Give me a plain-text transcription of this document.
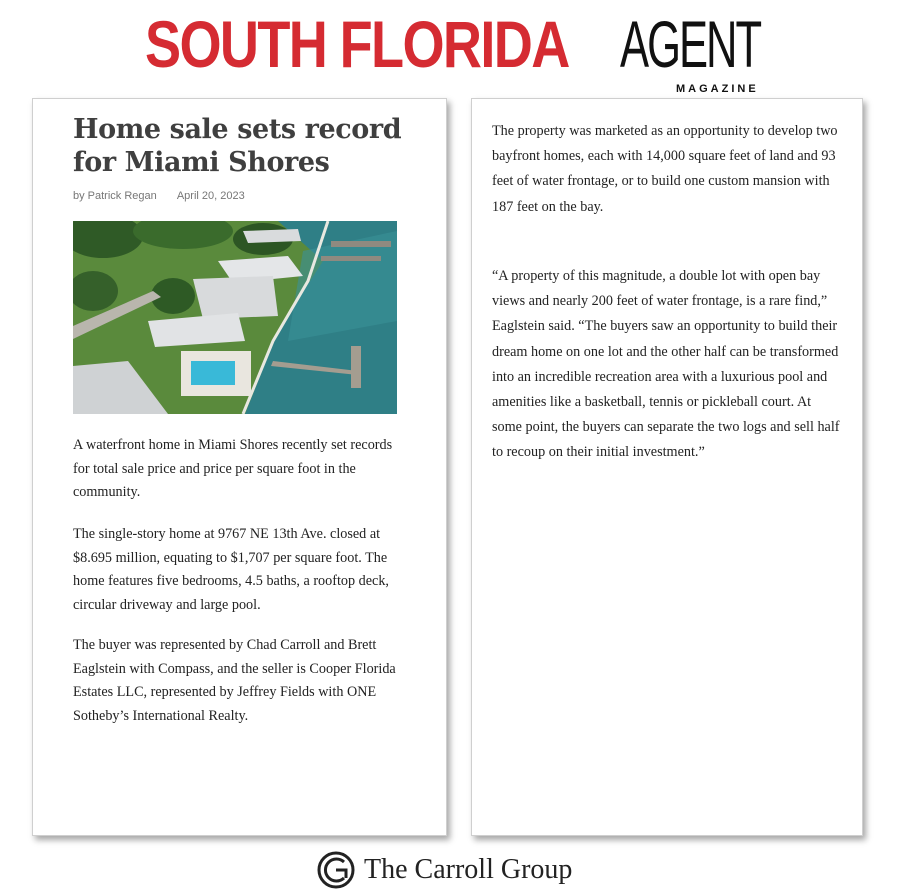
SOUTH FLORIDA AGENT
MAGAZINE
Home sale sets record for Miami Shores
by Patrick Regan April 20, 2023

A waterfront home in Miami Shores recently set records for total sale price and price per square foot in the community.

The single-story home at 9767 NE 13th Ave. closed at $8.695 million, equating to $1,707 per square foot. The home features five bedrooms, 4.5 baths, a rooftop deck, circular driveway and large pool.

The buyer was represented by Chad Carroll and Brett Eaglstein with Compass, and the seller is Cooper Florida Estates LLC, represented by Jeffrey Fields with ONE Sotheby’s International Realty.

The property was marketed as an opportunity to develop two bayfront homes, each with 14,000 square feet of land and 93 feet of water frontage, or to build one custom mansion with 187 feet on the bay.

“A property of this magnitude, a double lot with open bay views and nearly 200 feet of water frontage, is a rare find,” Eaglstein said. “The buyers saw an opportunity to build their dream home on one lot and the other half can be transformed into an incredible recreation area with a luxurious pool and amenities like a basketball, tennis or pickleball court. At some point, the buyers can separate the two logs and sell half to recoup on their initial investment.”

The Carroll Group
